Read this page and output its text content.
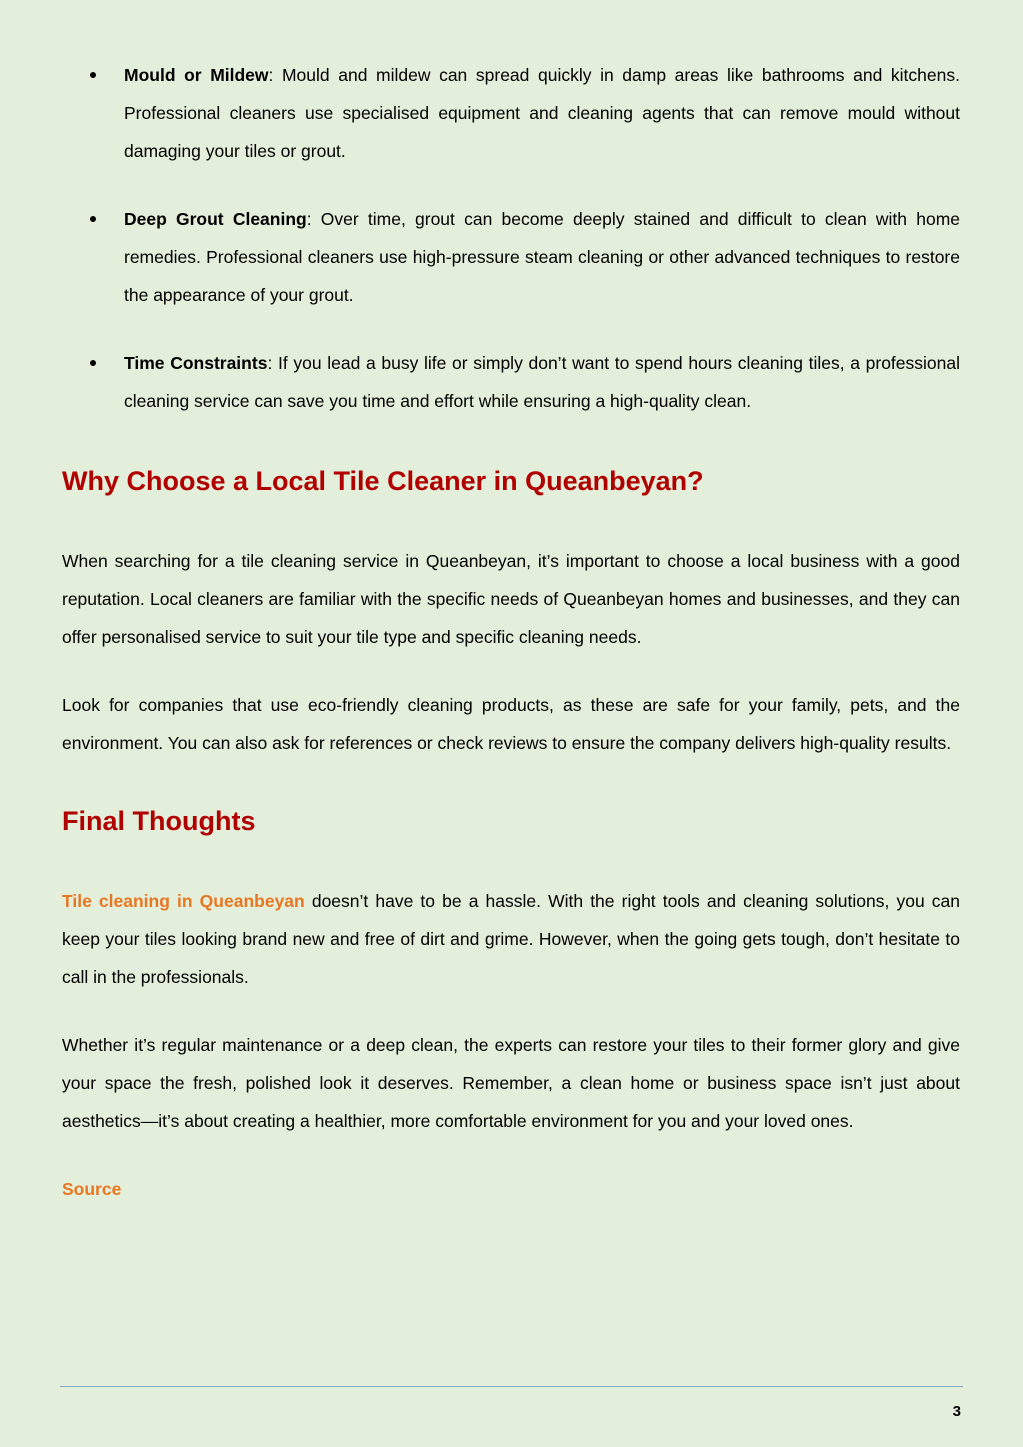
Mould or Mildew: Mould and mildew can spread quickly in damp areas like bathrooms and kitchens. Professional cleaners use specialised equipment and cleaning agents that can remove mould without damaging your tiles or grout.
Deep Grout Cleaning: Over time, grout can become deeply stained and difficult to clean with home remedies. Professional cleaners use high-pressure steam cleaning or other advanced techniques to restore the appearance of your grout.
Time Constraints: If you lead a busy life or simply don’t want to spend hours cleaning tiles, a professional cleaning service can save you time and effort while ensuring a high-quality clean.
Why Choose a Local Tile Cleaner in Queanbeyan?

When searching for a tile cleaning service in Queanbeyan, it’s important to choose a local business with a good reputation. Local cleaners are familiar with the specific needs of Queanbeyan homes and businesses, and they can offer personalised service to suit your tile type and specific cleaning needs.

Look for companies that use eco-friendly cleaning products, as these are safe for your family, pets, and the environment. You can also ask for references or check reviews to ensure the company delivers high-quality results.

Final Thoughts

Tile cleaning in Queanbeyan doesn’t have to be a hassle. With the right tools and cleaning solutions, you can keep your tiles looking brand new and free of dirt and grime. However, when the going gets tough, don’t hesitate to call in the professionals.

Whether it’s regular maintenance or a deep clean, the experts can restore your tiles to their former glory and give your space the fresh, polished look it deserves. Remember, a clean home or business space isn’t just about aesthetics—it’s about creating a healthier, more comfortable environment for you and your loved ones.

Source
3
